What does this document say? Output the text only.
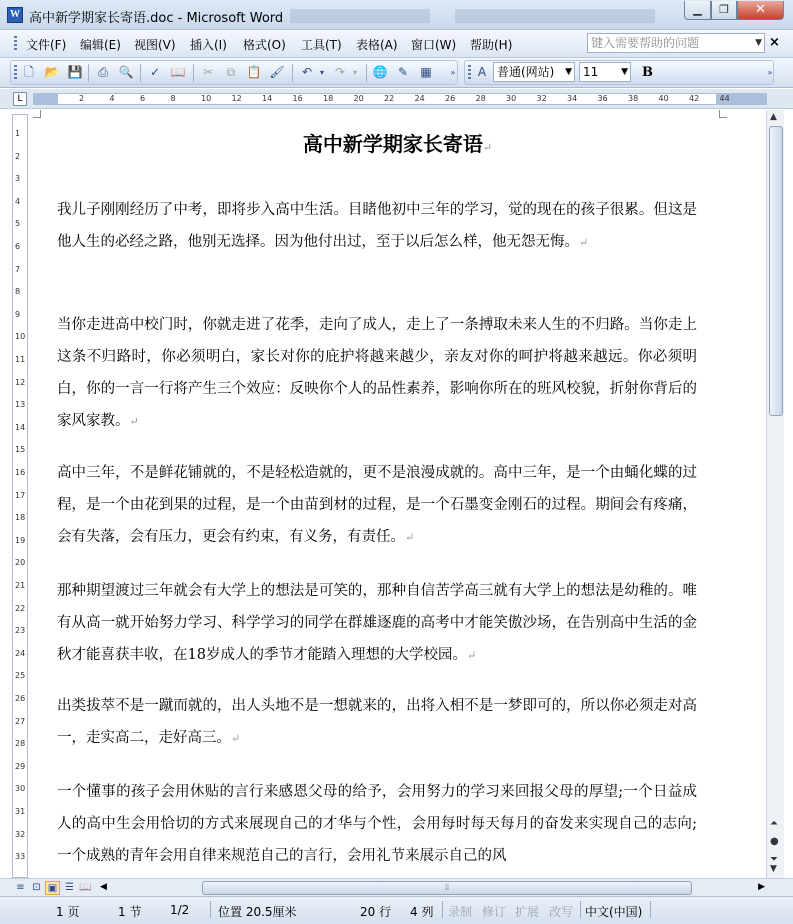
W 高中新学期家长寄语.doc - Microsoft Word
▁	❐	✕
文件(F) 编辑(E) 视图(V) 插入(I) 格式(O) 工具(T) 表格(A) 窗口(W) 帮助(H)	键入需要帮助的问题	▼ ×
🗋 📂 💾 ⎙ 🔍 ✓ 📖 ✂	⧉ 📋 🖌 ↶ ▾ ↷ ▾	🌐 ✎ ▦	»	A	»
普通(网站) ▼ 11	▼ B
L	2	4	6	8	10	12	14	16	18	20	22	24	26	28	30	32	34	36	38	40	42	44
1
2
3
4
5
6
7
8
9
10
11
12
13
14
15
16
17
18
19
20
21
22
23
24
25
26
27
28
29
30
31
32
33
高中新学期家长寄语↵
我儿子刚刚经历了中考，即将步入高中生活。目睹他初中三年的学习，觉的现在的孩子很累。但这是他人生的必经之路，他别无选择。因为他付出过，至于以后怎么样，他无怨无悔。↵
当你走进高中校门时，你就走进了花季，走向了成人，走上了一条搏取未来人生的不归路。当你走上这条不归路时，你必须明白，家长对你的庇护将越来越少，亲友对你的呵护将越来越远。你必须明白，你的一言一行将产生三个效应：反映你个人的品性素养，影响你所在的班风校貌，折射你背后的家风家教。↵
高中三年，不是鲜花铺就的，不是轻松造就的，更不是浪漫成就的。高中三年，是一个由蛹化蝶的过程，是一个由花到果的过程，是一个由苗到材的过程，是一个石墨变金刚石的过程。期间会有疼痛，会有失落，会有压力，更会有约束，有义务，有责任。↵
那种期望渡过三年就会有大学上的想法是可笑的，那种自信苦学高三就有大学上的想法是幼稚的。唯有从高一就开始努力学习、科学学习的同学在群雄逐鹿的高考中才能笑傲沙场，在告别高中生活的金秋才能喜获丰收，在18岁成人的季节才能踏入理想的大学校园。↵
出类拔萃不是一蹴而就的，出人头地不是一想就来的，出将入相不是一梦即可的，所以你必须走对高一，走实高二，走好高三。↵
一个懂事的孩子会用休贴的言行来感恩父母的给予，会用努力的学习来回报父母的厚望;一个日益成人的高中生会用恰切的方式来展现自己的才华与个性，会用每时每天每月的奋发来实现自己的志向;一个成熟的青年会用自律来规范自己的言行，会用礼节来展示自己的风
▲
⏶
●
⏷
▼
≡ ⊡ ▣ ☰ 📖 ◀	⦙⦙	▶
1 页	1 节 1/2 位置 20.5厘米	20 行 4 列 录制 修订 扩展 改写 中文(中国)
